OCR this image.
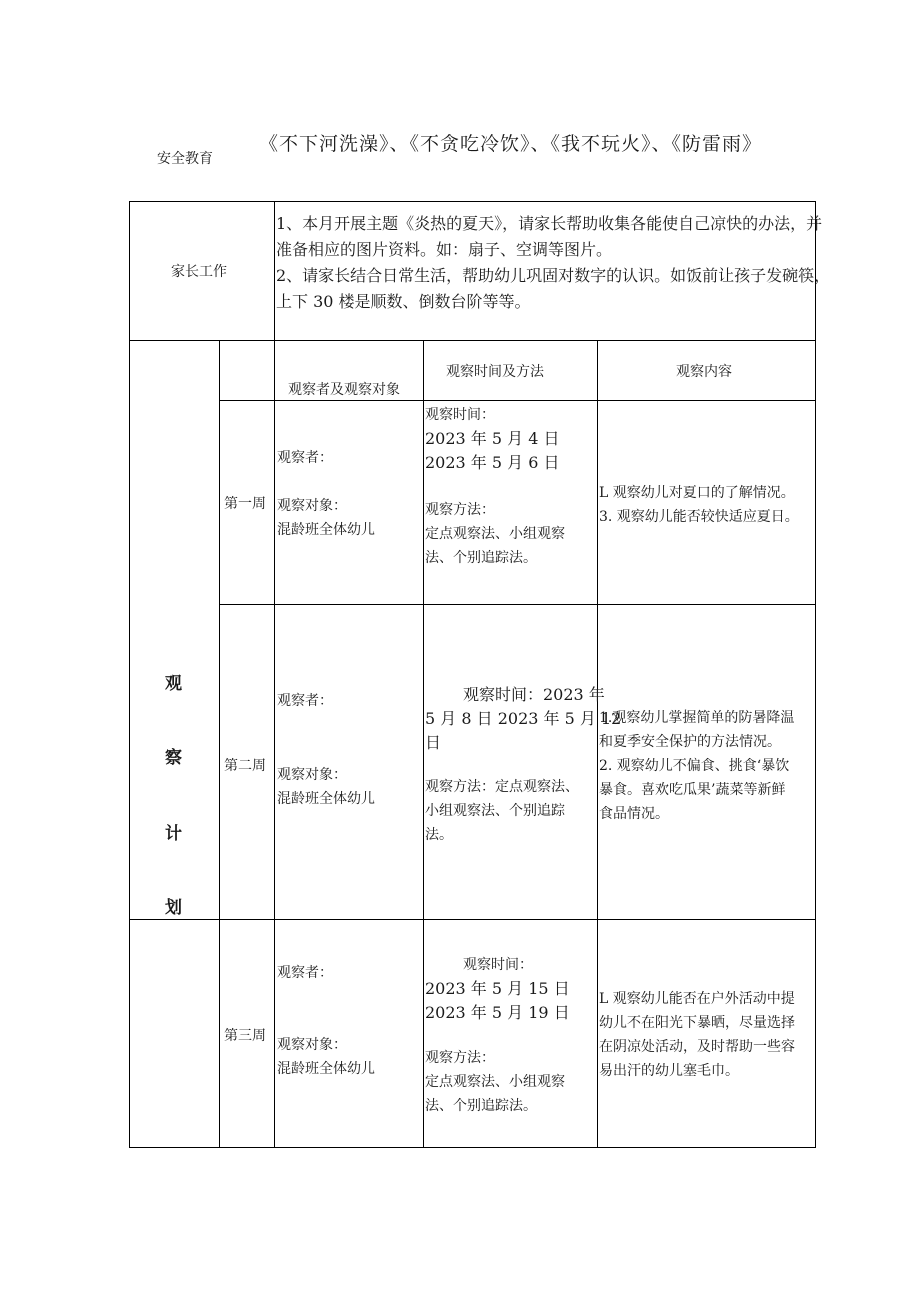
安全教育
《不下河洗澡》、《不贪吃冷饮》、《我不玩火》、《防雷雨》
家长工作
1、本月开展主题《炎热的夏天》，请家长帮助收集各能使自己凉快的办法，并
准备相应的图片资料。如：扇子、空调等图片。
2、请家长结合日常生活，帮助幼儿巩固对数字的认识。如饭前让孩子发碗筷，
上下 30 楼是顺数、倒数台阶等等。
观
察
计
划
观察者及观察对象
观察时间及方法	观察内容
第一周
观察者：
观察对象：
混龄班全体幼儿
观察时间：
2023 年 5 月 4 日
2023 年 5 月 6 日
观察方法：
定点观察法、小组观察
法、个别追踪法。
L 观察幼儿对夏口的了解情况。
3. 观察幼儿能否较快适应夏日。
第二周
观察者：
观察对象：
混龄班全体幼儿
观察时间：2023 年
5 月 8 日 2023 年 5 月 12
日
观察方法：定点观察法、
小组观察法、个别追踪
法。
1.观察幼儿掌握简单的防暑降温
和夏季安全保护的方法情况。
2. 观察幼儿不偏食、挑食‘暴饮
暴食。喜欢吃瓜果’蔬菜等新鲜
食品情况。
第三周
观察者：
观察对象：
混龄班全体幼儿
观察时间：
2023 年 5 月 15 日
2023 年 5 月 19 日
观察方法：
定点观察法、小组观察
法、个别追踪法。
L 观察幼儿能否在户外活动中提
幼儿不在阳光下暴晒，尽量选择
在阴凉处活动，及时帮助一些容
易出汗的幼儿塞毛巾。
